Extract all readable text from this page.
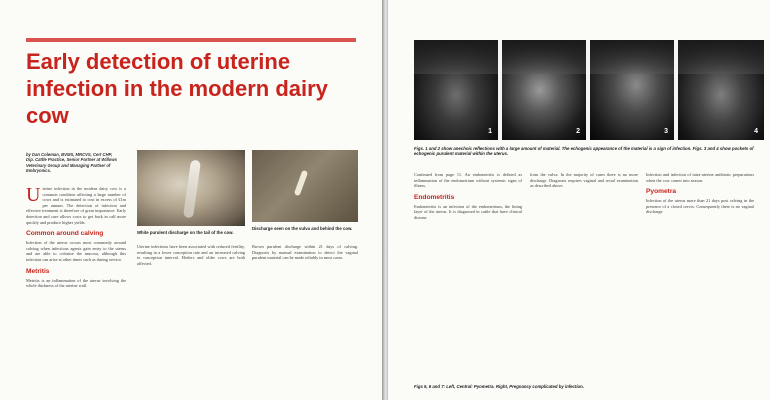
Early detection of uterine infection in the modern dairy cow
by Dan Coleman, BVMS, MRCVS, Cert CHP, Dip. Cattle Practice, Senior Partner at Willows Veterinary Group and Managing Partner of Embryonics.

Uterine infection in the modern dairy cow is a common condition affecting a large number of cows and is estimated to cost in excess of £1m per annum. The detection of infection and effective treatment is therefore of great importance. Early detection and cure allows cows to get back in calf more quickly and produce higher yields.

Common around calving

Infection of the uterus occurs most commonly around calving when infectious agents gain entry to the uterus and are able to colonise the mucosa, although this infection can arise at other times such as during service.

Metritis

Metritis is an inflammation of the uterus involving the whole thickness of the uterine wall.

White purulent discharge on the tail of the cow.
Discharge seen on the vulva and behind the cow.

Uterine infections have been associated with reduced fertility, resulting in a lower conception rate and an increased calving to conception interval. Heifers and older cows are both affected.

Brown purulent discharge within 21 days of calving. Diagnosis by manual examination to detect the vaginal purulent material can be made reliably in most cases.

1	2	3	4
Figs. 1 and 2 show anechoic reflections with a large amount of material. The echogenic appearance of the material is a sign of infection. Figs. 3 and 4 show pockets of echogenic purulent material within the uterus.

Continued from page 11. An endometritis is defined as inflammation of the endometrium without systemic signs of illness.

Endometritis

Endometritis is an infection of the endometrium, the lining layer of the uterus. It is diagnosed in cattle that have clinical disease.

from the vulva. In the majority of cases there is no more discharge. Diagnosis requires vaginal and rectal examination as described above.

Infection and infection of intra-uterine antibiotic preparations when the cow comes into season.

Pyometra

Infection of the uterus more than 21 days post calving in the presence of a closed cervix. Consequently there is no vaginal discharge.

Figs 5, 6 and 7: Left, Central: Pyometra. Right, Pregnancy complicated by infection.
